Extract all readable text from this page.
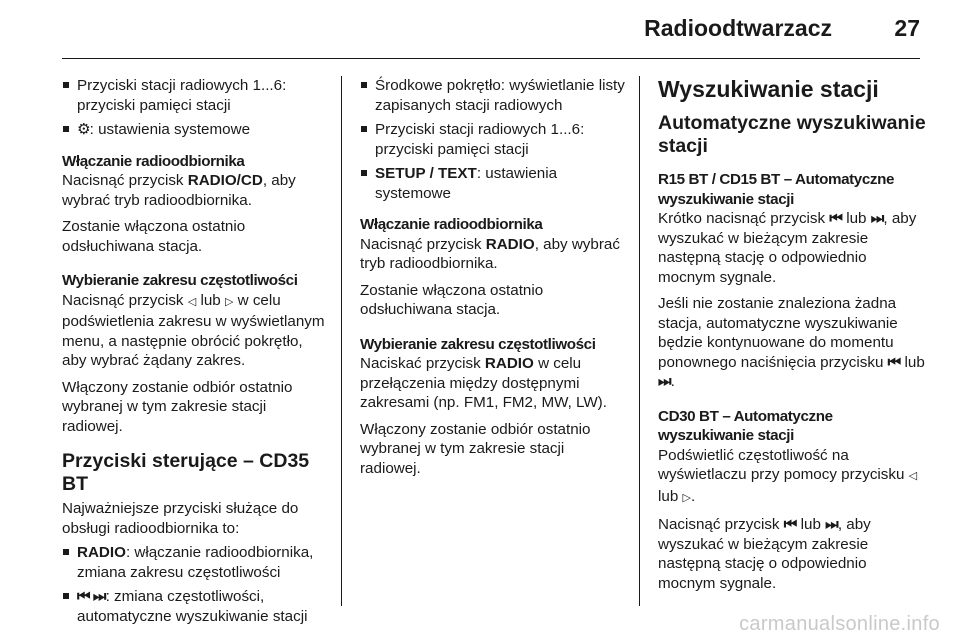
Radioodtwarzacz	27
Przyciski stacji radiowych 1...6: przyciski pamięci stacji
⚙: ustawienia systemowe
Włączanie radioodbiornika

Nacisnąć przycisk RADIO/CD, aby wybrać tryb radioodbiornika.

Zostanie włączona ostatnio odsłuchiwana stacja.

Wybieranie zakresu częstotliwości

Nacisnąć przycisk ◁ lub ▷ w celu podświetlenia zakresu w wyświetlanym menu, a następnie obrócić pokrętło, aby wybrać żądany zakres.

Włączony zostanie odbiór ostatnio wybranej w tym zakresie stacji radiowej.

Przyciski sterujące – CD35 BT

Najważniejsze przyciski służące do obsługi radioodbiornika to:

RADIO: włączanie radioodbiornika, zmiana zakresu częstotliwości
⏮ ⏭: zmiana częstotliwości, automatyczne wyszukiwanie stacji
Środkowe pokrętło: wyświetlanie listy zapisanych stacji radiowych
Przyciski stacji radiowych 1...6: przyciski pamięci stacji
SETUP / TEXT: ustawienia systemowe
Włączanie radioodbiornika

Nacisnąć przycisk RADIO, aby wybrać tryb radioodbiornika.

Zostanie włączona ostatnio odsłuchiwana stacja.

Wybieranie zakresu częstotliwości

Naciskać przycisk RADIO w celu przełączenia między dostępnymi zakresami (np. FM1, FM2, MW, LW).

Włączony zostanie odbiór ostatnio wybranej w tym zakresie stacji radiowej.

Wyszukiwanie stacji
Automatyczne wyszukiwanie stacji
R15 BT / CD15 BT – Automatyczne wyszukiwanie stacji

Krótko nacisnąć przycisk ⏮ lub ⏭, aby wyszukać w bieżącym zakresie następną stację o odpowiednio mocnym sygnale.

Jeśli nie zostanie znaleziona żadna stacja, automatyczne wyszukiwanie będzie kontynuowane do momentu ponownego naciśnięcia przycisku ⏮ lub ⏭.

CD30 BT – Automatyczne wyszukiwanie stacji

Podświetlić częstotliwość na wyświetlaczu przy pomocy przycisku ◁ lub ▷.

Nacisnąć przycisk ⏮ lub ⏭, aby wyszukać w bieżącym zakresie następną stację o odpowiednio mocnym sygnale.

carmanualsonline.info
